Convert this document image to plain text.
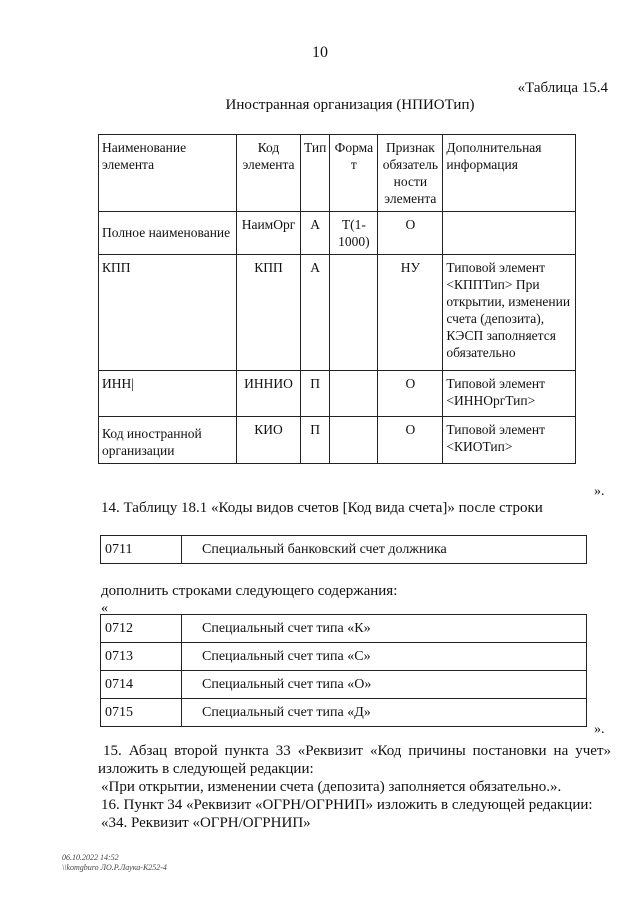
10
«Таблица 15.4
Иностранная организация (НПИОТип)
Наименование элемента	Код элемента	Тип	Форма т	Признак обязатель ности элемента	Дополнительная информация
Полное наименование	НаимОрг	А	Т(1-1000)	О	
КПП	КПП	А		НУ	Типовой элемент <КППТип> При открытии, изменении счета (депозита), КЭСП заполняется обязательно
ИНН|	ИННИО	П		О	Типовой элемент <ИННОргТип>
Код иностранной организации	КИО	П		О	Типовой элемент <КИОТип>
».
14. Таблицу 18.1 «Коды видов счетов [Код вида счета]» после строки
0711	Специальный банковский счет должника
дополнить строками следующего содержания:
«
0712	Специальный счет типа «К»
0713	Специальный счет типа «С»
0714	Специальный счет типа «О»
0715	Специальный счет типа «Д»
».
15. Абзац второй пункта 33 «Реквизит «Код причины постановки на учет»
изложить в следующей редакции:
«При открытии, изменении счета (депозита) заполняется обязательно.».
16. Пункт 34 «Реквизит «ОГРН/ОГРНИП» изложить в следующей редакции:
«34. Реквизит «ОГРН/ОГРНИП»
06.10.2022 14:52
\\komgburo ЛО.Р.Лаука-К252-4
